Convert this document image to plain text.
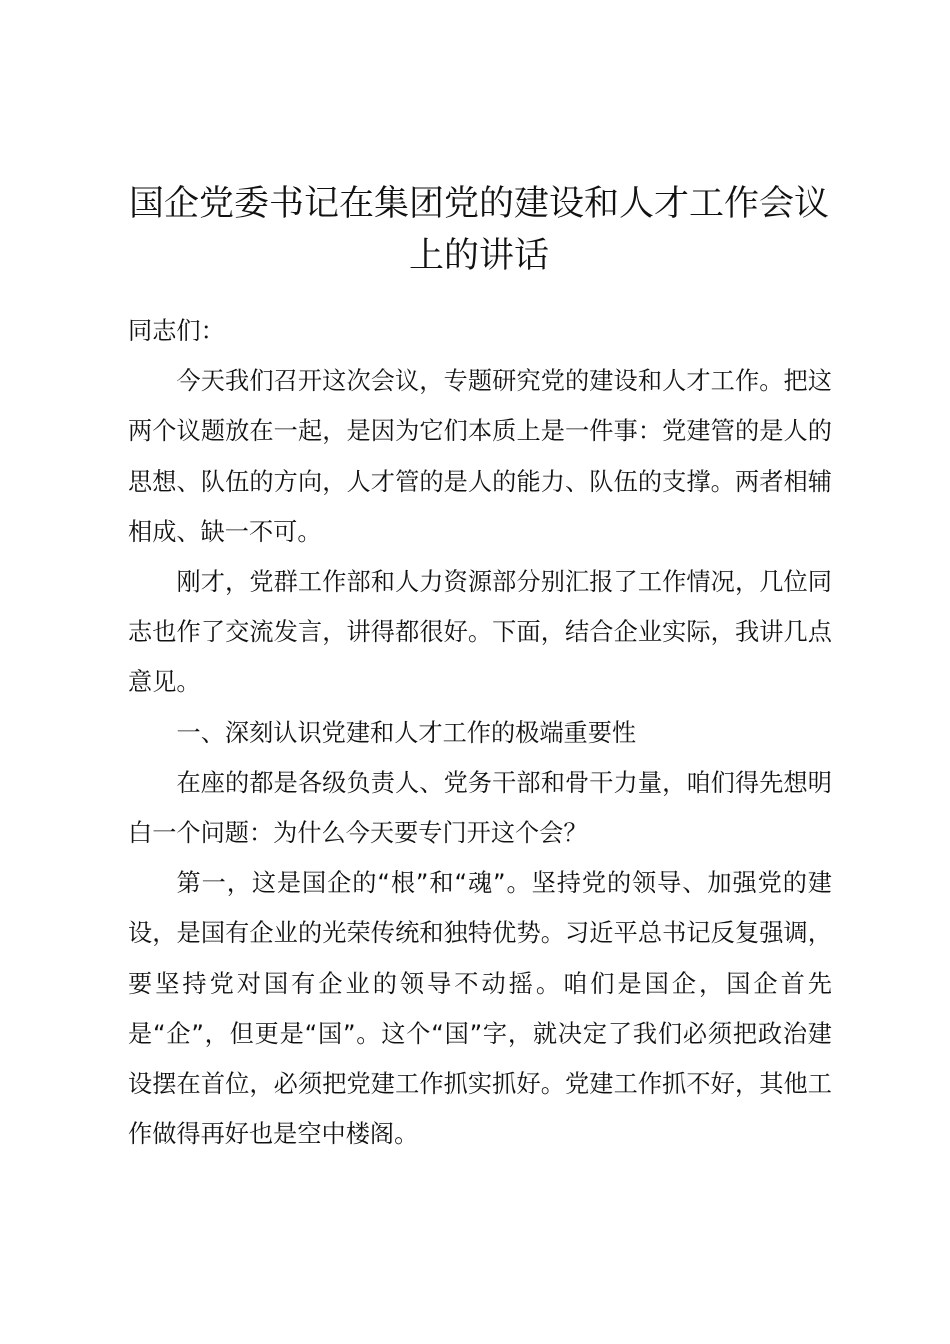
国企党委书记在集团党的建设和人才工作会议上的讲话

同志们：

今天我们召开这次会议，专题研究党的建设和人才工作。把这两个议题放在一起，是因为它们本质上是一件事：党建管的是人的思想、队伍的方向，人才管的是人的能力、队伍的支撑。两者相辅相成、缺一不可。

刚才，党群工作部和人力资源部分别汇报了工作情况，几位同志也作了交流发言，讲得都很好。下面，结合企业实际，我讲几点意见。

一、深刻认识党建和人才工作的极端重要性

在座的都是各级负责人、党务干部和骨干力量，咱们得先想明白一个问题：为什么今天要专门开这个会？

第一，这是国企的“根”和“魂”。坚持党的领导、加强党的建设，是国有企业的光荣传统和独特优势。习近平总书记反复强调，要坚持党对国有企业的领导不动摇。咱们是国企，国企首先是“企”，但更是“国”。这个“国”字，就决定了我们必须把政治建设摆在首位，必须把党建工作抓实抓好。党建工作抓不好，其他工作做得再好也是空中楼阁。
